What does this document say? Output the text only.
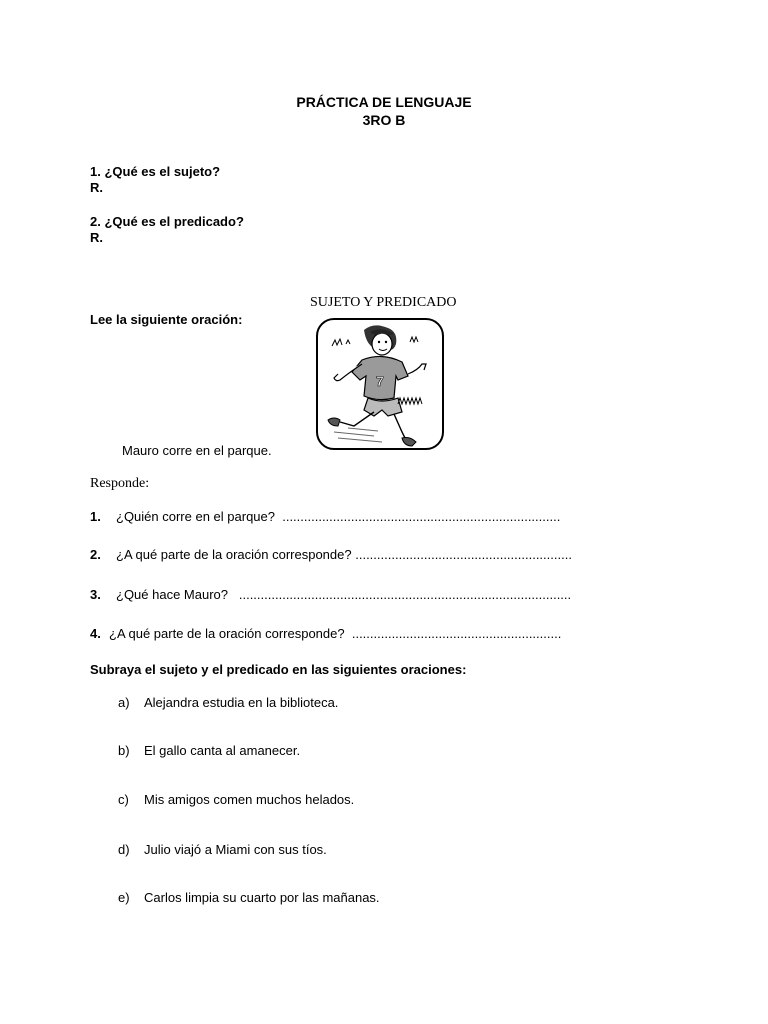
PRÁCTICA DE LENGUAJE
3RO B
1. ¿Qué es el sujeto?
R.
2. ¿Qué es el predicado?
R.
SUJETO Y PREDICADO
Lee la siguiente oración:
7
Mauro corre en el parque.
Responde:
1. ¿Quién corre en el parque? .............................................................................
2. ¿A qué parte de la oración corresponde? ............................................................
3. ¿Qué hace Mauro? ............................................................................................
4. ¿A qué parte de la oración corresponde? ..........................................................
Subraya el sujeto y el predicado en las siguientes oraciones:
a) Alejandra estudia en la biblioteca.
b) El gallo canta al amanecer.
c) Mis amigos comen muchos helados.
d) Julio viajó a Miami con sus tíos.
e) Carlos limpia su cuarto por las mañanas.
